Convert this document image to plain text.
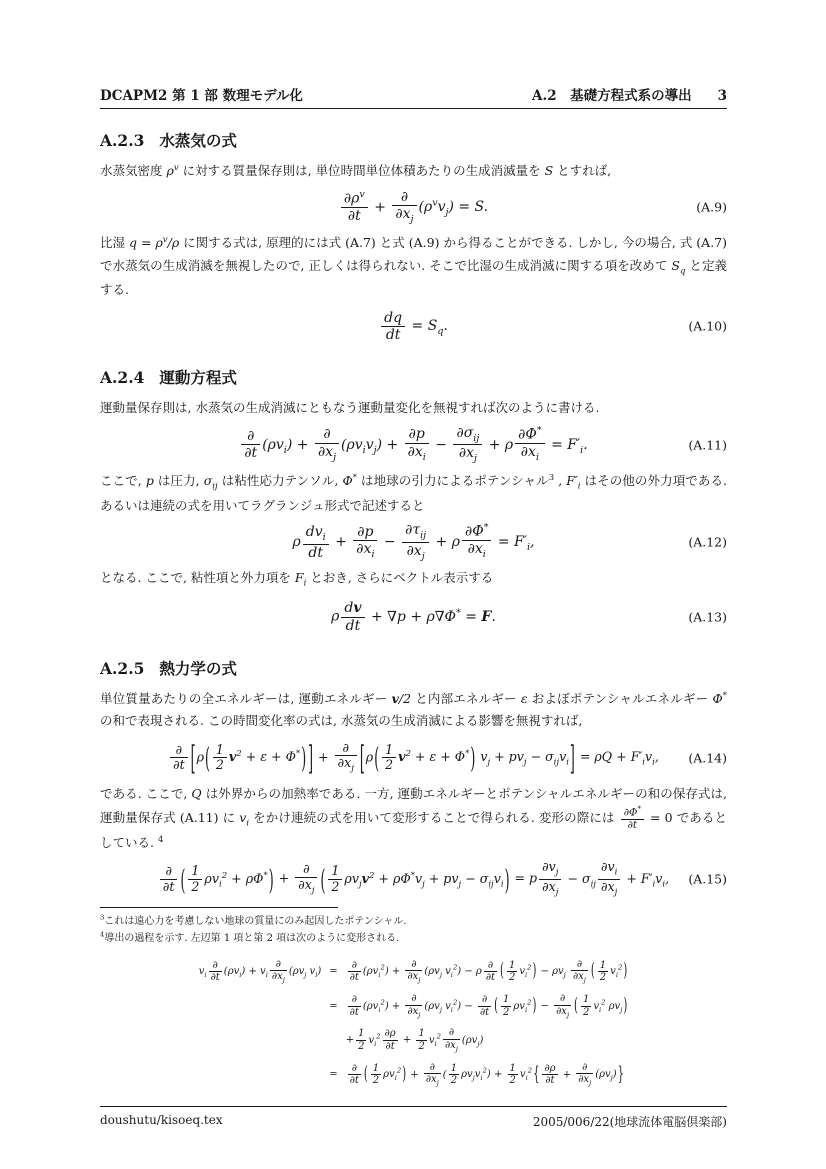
DCAPM2 第 1 部 数理モデル化	A.2　基礎方程式系の導出 3
A.2.3 水蒸気の式

水蒸気密度 $\rho^v$ に対する質量保存則は, 単位時間単位体積あたりの生成消滅量を S とすれば,

$\frac{\partial\rho^v}{\partial t} + \frac{\partial}{\partial x_j} (\rho^vv_j) = S$.	(A.9)

比湿 $q = \rho^v/\rho$ に関する式は, 原理的には式 (A.7) と式 (A.9) から得ることができる. しかし, 今の場合, 式 (A.7) で水蒸気の生成消滅を無視したので, 正しくは得られない. そこで比湿の生成消滅に関する項を改めて $S_q$ と定義する.

$\frac{dq}{dt} = S_q$.	(A.10)
A.2.4 運動方程式

運動量保存則は, 水蒸気の生成消滅にともなう運動量変化を無視すれば次のように書ける.

$\frac{\partial}{\partial t} (\rho v_i) + \frac{\partial}{\partial x_j} (\rho v_iv_j) + \frac{\partial p}{\partial x_i} - \frac{\partial\sigma_{ij}}{\partial x_j} + \rho \frac{\partial\Phi^*}{\partial x_i} = F'_i$.	(A.11)

ここで, p は圧力, $\sigma_{ij}$ は粘性応力テンソル, Φ* は地球の引力によるポテンシャル$^3$ , $F'_i$ はその他の外力項である. あるいは連続の式を用いてラグランジュ形式で記述すると

ρ $\frac{dv_i}{dt} + \frac{\partial p}{\partial x_i} - \frac{\partial\tau_{ij}}{\partial x_j} + \rho \frac{\partial\Phi^*}{\partial x_i} = F'_i$,	(A.12)

となる. ここで, 粘性項と外力項を $F_i$ とおき, さらにベクトル表示する

ρ $\frac{dv}{dt} + \nabla p + \rho\nabla\Phi^* = F$.	(A.13)
A.2.5 熱力学の式

単位質量あたりの全エネルギーは, 運動エネルギー v/2 と内部エネルギー ε およぼポテンシャルエネルギー Φ* の和で表現される. この時間変化率の式は, 水蒸気の生成消滅による影響を無視すれば,

$\frac{\partial}{\partial t} [\rho( \frac{1}{2} v^2 + \varepsilon + \Phi^*)$ ] + $\frac{\partial}{\partial x_j} [\rho( \frac{1}{2} v^2 + \varepsilon + \Phi^*) v_j + pv_j - \sigma_{ij}v_i] = \rho Q + F'_iv_i$, (A.14)

である. ここで, Q は外界からの加熱率である. 一方, 運動エネルギーとポテンシャルエネルギーの和の保存式は, 運動量保存式 (A.11) に $v_i$ をかけ連続の式を用いて変形することで得られる. 変形の際には $\frac{\partial\Phi^*}{\partial t} = 0$ であるとしている. $^4$

$\frac{\partial}{\partial t}$ ( $\frac{1}{2} \rho v_i^2 + \rho\Phi^*) + \frac{\partial}{\partial x_j}$ ( $\frac{1}{2} \rho v_jv^2 + \rho\Phi^*v_j + pv_j - \sigma_{ij}v_i) = p \frac{\partial v_j}{\partial x_j} - \sigma_{ij} \frac{\partial v_i}{\partial x_j} + F'_iv_i$, (A.15)

$^3$これは遠心力を考慮しない地球の質量にのみ起因したポテンシャル.

$^4$導出の過程を示す. 左辺第 1 項と第 2 項は次のように変形される.

$v_i \frac{\partial}{\partial t} (\rho v_i) + v_i \frac{\partial}{\partial x_j} (\rho v_j$ $v_i$)	=	$\frac{\partial}{\partial t} (\rho v_i^2) + \frac{\partial}{\partial x_j} (\rho v_j$ $v_i^2) - \rho \frac{\partial}{\partial t}$ ( $\frac{1}{2} v_i^2) - \rho v_j \frac{\partial}{\partial x_j}$ ( $\frac{1}{2} v_i^2$)
	=	$\frac{\partial}{\partial t} (\rho v_i^2) + \frac{\partial}{\partial x_j} (\rho v_j$ $v_i^2) - \frac{\partial}{\partial t}$ ( $\frac{1}{2} \rho v_i^2) - \frac{\partial}{\partial x_j}$ ( $\frac{1}{2} v_i^2$ $\rho v_j$)
		+ $\frac{1}{2} v_i^2 \frac{\partial\rho}{\partial t} + \frac{1}{2} v_i^2 \frac{\partial}{\partial x_j} (\rho v_j)$
	=	$\frac{\partial}{\partial t}$ ( $\frac{1}{2} \rho v_i^2) + \frac{\partial}{\partial x_j}$ ( $\frac{1}{2} \rho v_jv_i^2) + \frac{1}{2} v_i^2\{ \frac{\partial\rho}{\partial t} + \frac{\partial}{\partial x_j} (\rho v_j)\}$
doushutu/kisoeq.tex	2005/006/22(地球流体電脳倶楽部)
